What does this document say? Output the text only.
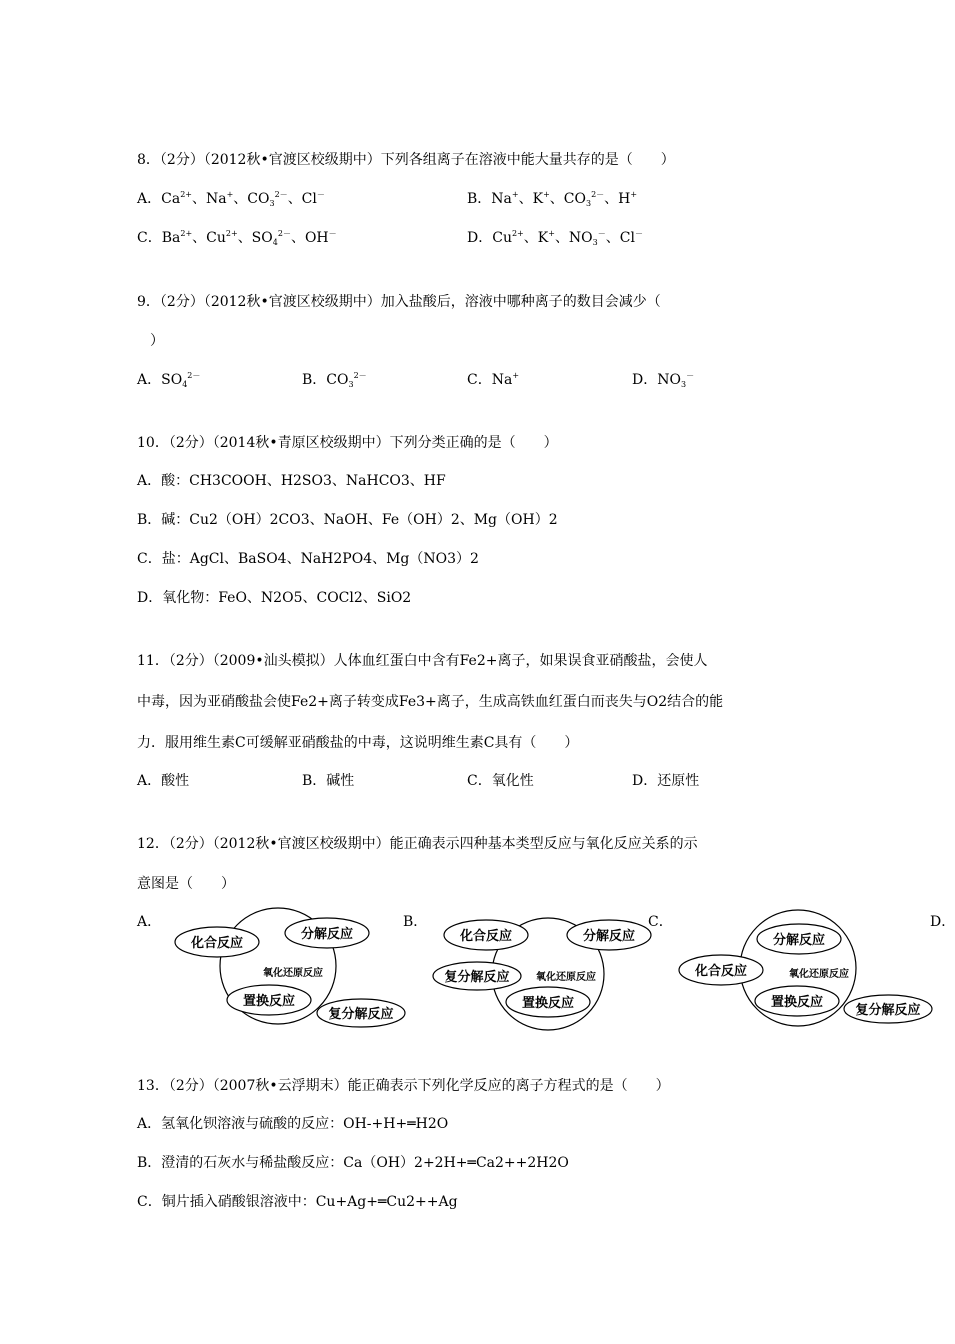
8．（2分）（2012秋•官渡区校级期中）下列各组离子在溶液中能大量共存的是（　　）
A．$Ca^{2+}$、Na+、$CO_3^{2-}$、Cl－	B．Na+、K+、$CO_3^{2-}$、H+
C．$Ba^{2+}$、$Cu^{2+}$、$SO_4^{2-}$、OH－	D．$Cu^{2+}$、K+、$NO_3^-$、Cl－
9．（2分）（2012秋•官渡区校级期中）加入盐酸后，溶液中哪种离子的数目会减少（
）
A．$SO_4^{2-}$	B．$CO_3^{2-}$	C．Na+	D．$NO_3^-$
10．（2分）（2014秋•青原区校级期中）下列分类正确的是（　　）
A．酸：CH3COOH、H2SO3、NaHCO3、HF
B．碱：Cu2（OH）2CO3、NaOH、Fe（OH）2、Mg（OH）2
C．盐：AgCl、BaSO4、NaH2PO4、Mg（NO3）2
D．氧化物：FeO、N2O5、COCl2、SiO2
11．（2分）（2009•汕头模拟）人体血红蛋白中含有Fe2+离子，如果误食亚硝酸盐，会使人
中毒，因为亚硝酸盐会使Fe2+离子转变成Fe3+离子，生成高铁血红蛋白而丧失与O2结合的能
力．服用维生素C可缓解亚硝酸盐的中毒，这说明维生素C具有（　　）
A．酸性	B．碱性	C．氧化性	D．还原性
12．（2分）（2012秋•官渡区校级期中）能正确表示四种基本类型反应与氧化反应关系的示
意图是（　　）
A．	B．	C．	D．
化合反应
分解反应
氧化还原反应
置换反应
复分解反应
化合反应	分解反应
复分解反应	氧化还原反应
置换反应
分解反应
化合反应	氧化还原反应
置换反应
复分解反应
13．（2分）（2007秋•云浮期末）能正确表示下列化学反应的离子方程式的是（　　）
A．氢氧化钡溶液与硫酸的反应：OH-+H+═H2O
B．澄清的石灰水与稀盐酸反应：Ca（OH）2+2H+═Ca2++2H2O
C．铜片插入硝酸银溶液中：Cu+Ag+═Cu2++Ag
